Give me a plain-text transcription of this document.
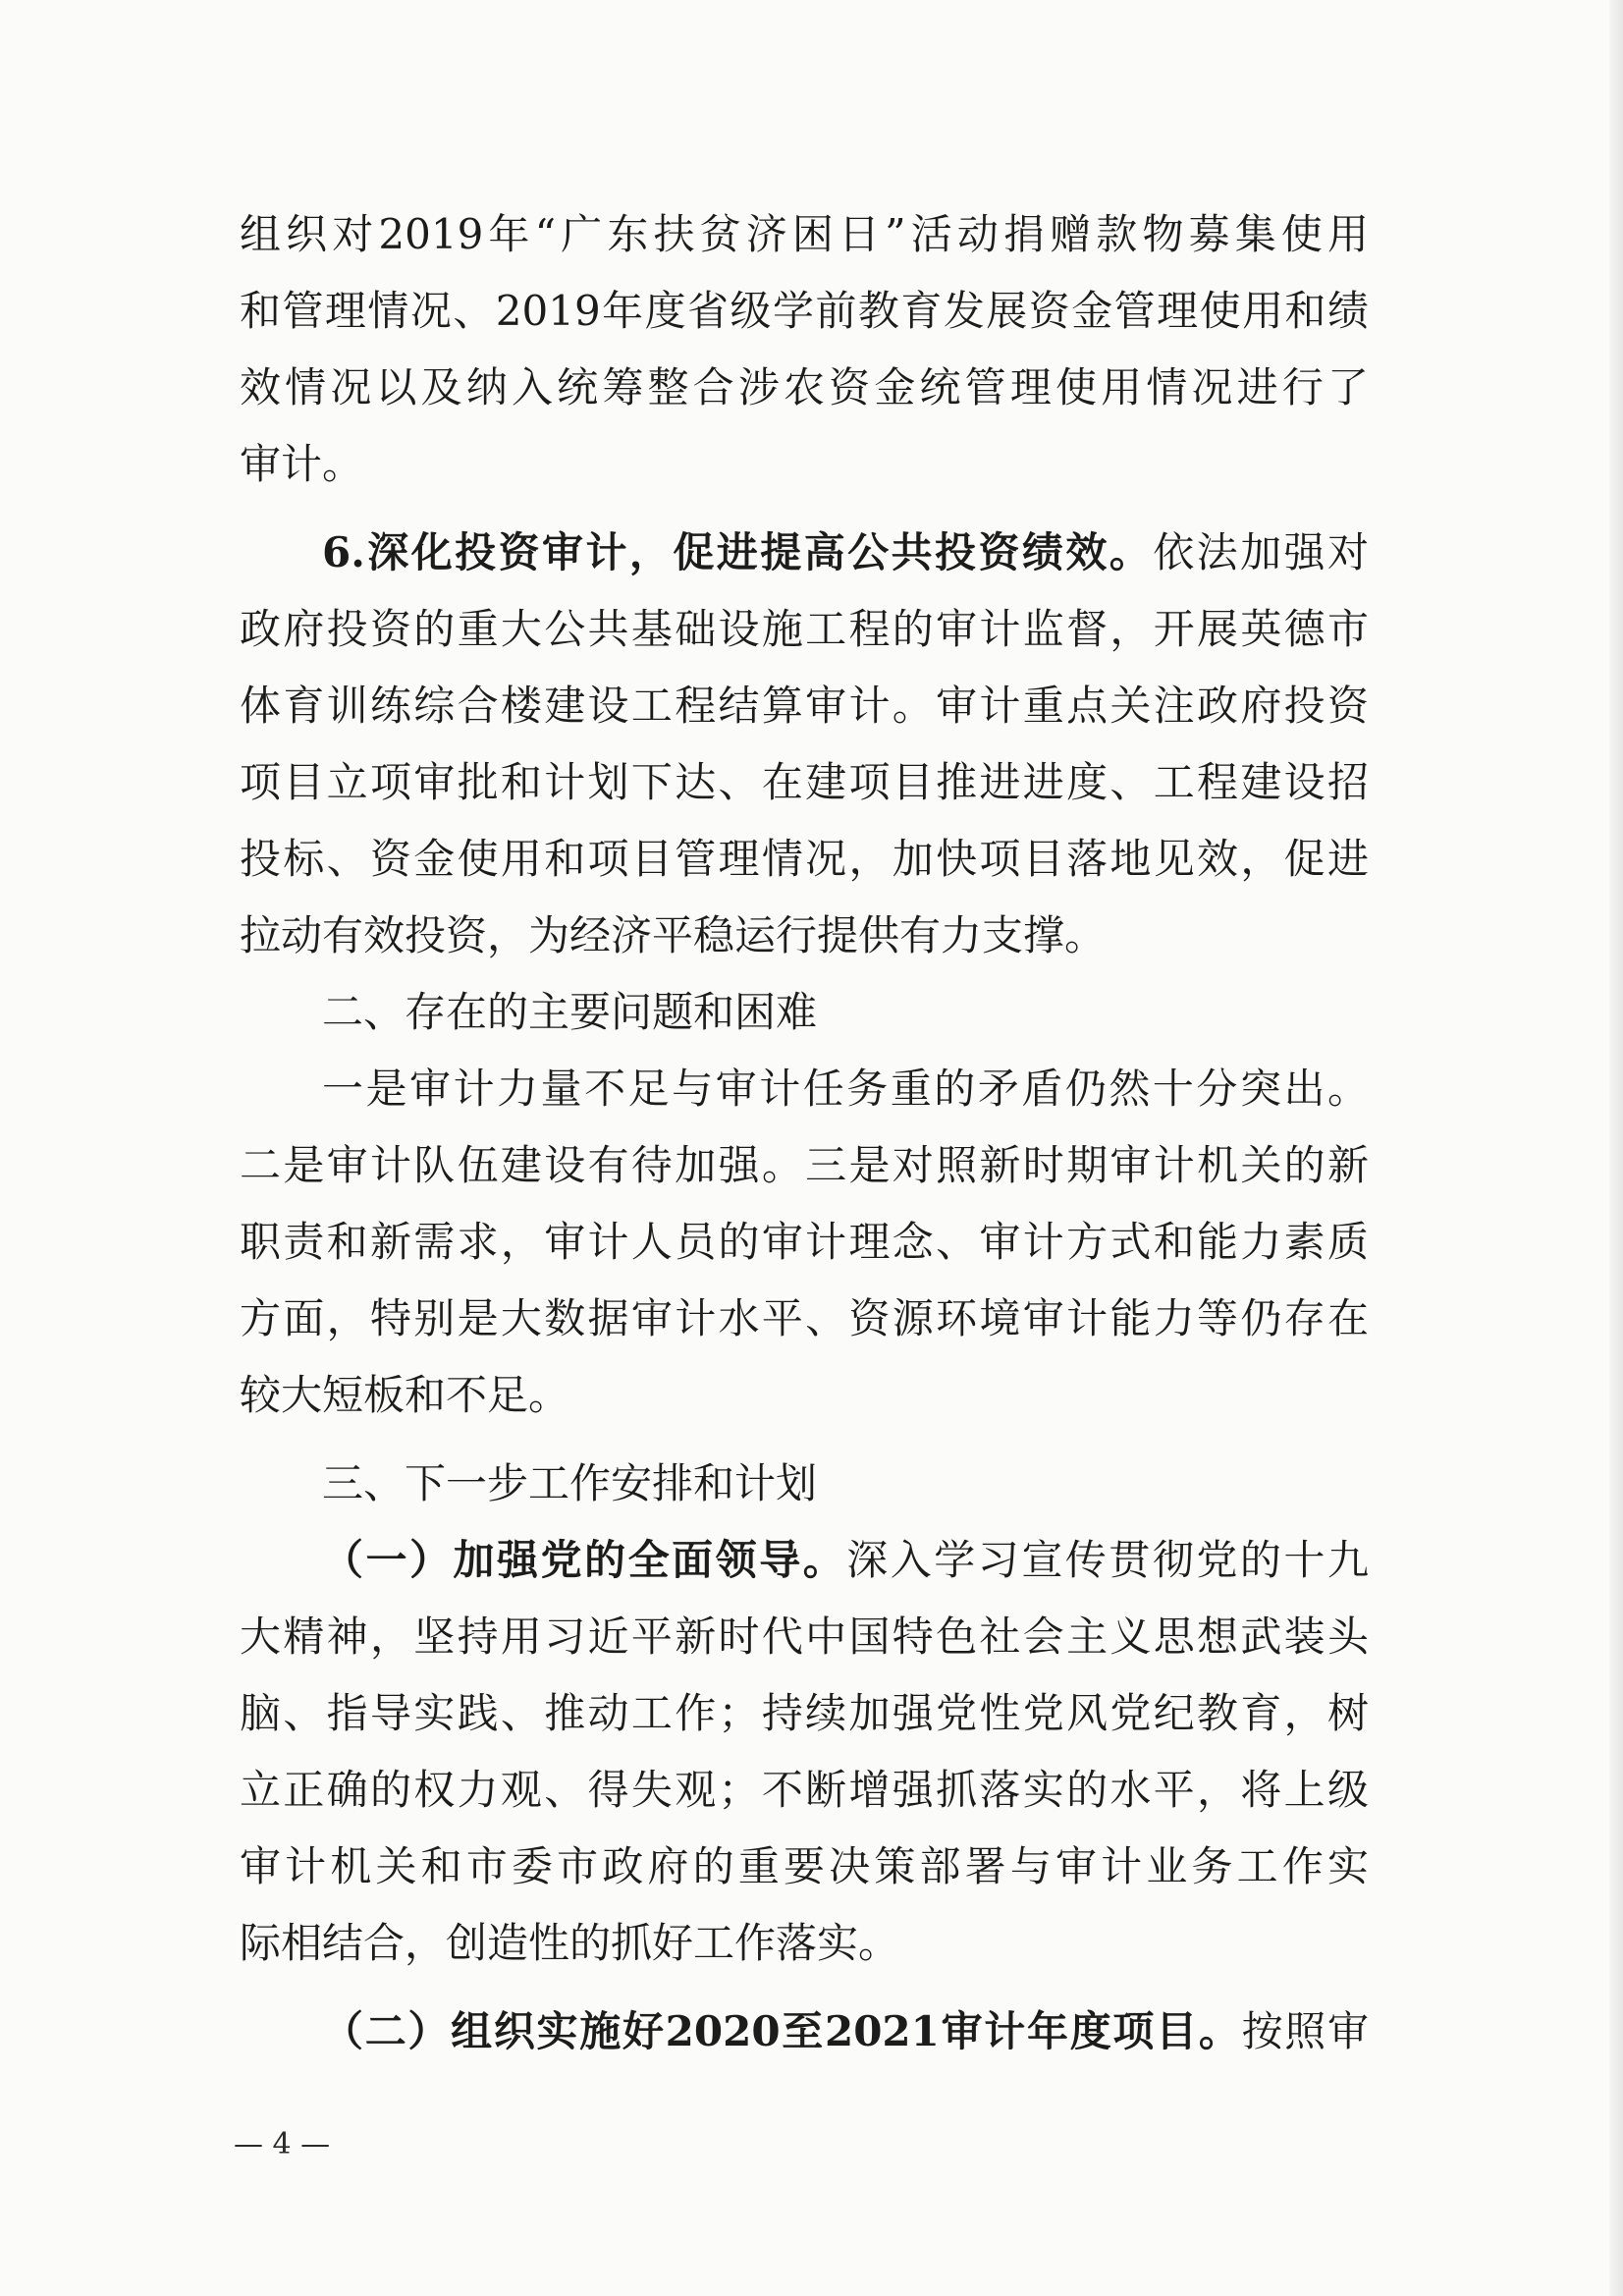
组织对2019年“广东扶贫济困日”活动捐赠款物募集使用

和管理情况、2019年度省级学前教育发展资金管理使用和绩

效情况以及纳入统筹整合涉农资金统管理使用情况进行了

审计。

6.深化投资审计，促进提高公共投资绩效。依法加强对

政府投资的重大公共基础设施工程的审计监督，开展英德市

体育训练综合楼建设工程结算审计。审计重点关注政府投资

项目立项审批和计划下达、在建项目推进进度、工程建设招

投标、资金使用和项目管理情况，加快项目落地见效，促进

拉动有效投资，为经济平稳运行提供有力支撑。

二、存在的主要问题和困难

一是审计力量不足与审计任务重的矛盾仍然十分突出。

二是审计队伍建设有待加强。三是对照新时期审计机关的新

职责和新需求，审计人员的审计理念、审计方式和能力素质

方面，特别是大数据审计水平、资源环境审计能力等仍存在

较大短板和不足。

三、下一步工作安排和计划

（一）加强党的全面领导。深入学习宣传贯彻党的十九

大精神，坚持用习近平新时代中国特色社会主义思想武装头

脑、指导实践、推动工作；持续加强党性党风党纪教育，树

立正确的权力观、得失观；不断增强抓落实的水平，将上级

审计机关和市委市政府的重要决策部署与审计业务工作实

际相结合，创造性的抓好工作落实。

（二）组织实施好2020至2021审计年度项目。按照审

— 4 —
